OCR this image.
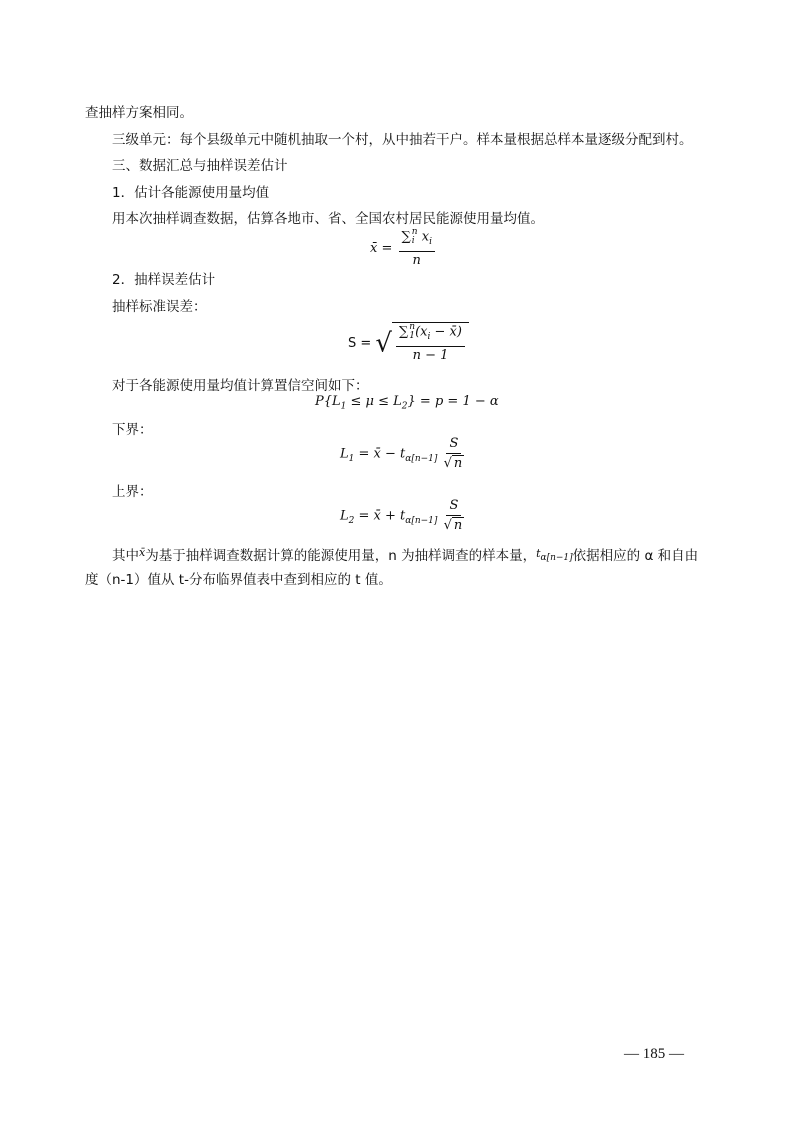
查抽样方案相同。
三级单元：每个县级单元中随机抽取一个村，从中抽若干户。样本量根据总样本量逐级分配到村。
三、数据汇总与抽样误差估计
1．估计各能源使用量均值
用本次抽样调查数据，估算各地市、省、全国农村居民能源使用量均值。
x̄ = ∑ n
i $x_i$
n
2．抽样误差估计
抽样标准误差：
S = √ ∑ n
1 ($x_i$ − x̄)
n − 1
对于各能源使用量均值计算置信空间如下：
$P\{L_1 \le \mu \le L_2\} = p = 1 - \alpha$
下界：
$L_1$ = x̄ − $t_{\alpha[n-1]} \frac{S}{√ n}$
上界：
$L_2$ = x̄ + $t_{\alpha[n-1]} \frac{S}{√ n}$
其中$^{x̄}$为基于抽样调查数据计算的能源使用量，n 为抽样调查的样本量，$^{t_{\alpha[n-1]}}$依据相应的 α 和自由
度（n-1）值从 t-分布临界值表中查到相应的 t 值。
— 185 —
